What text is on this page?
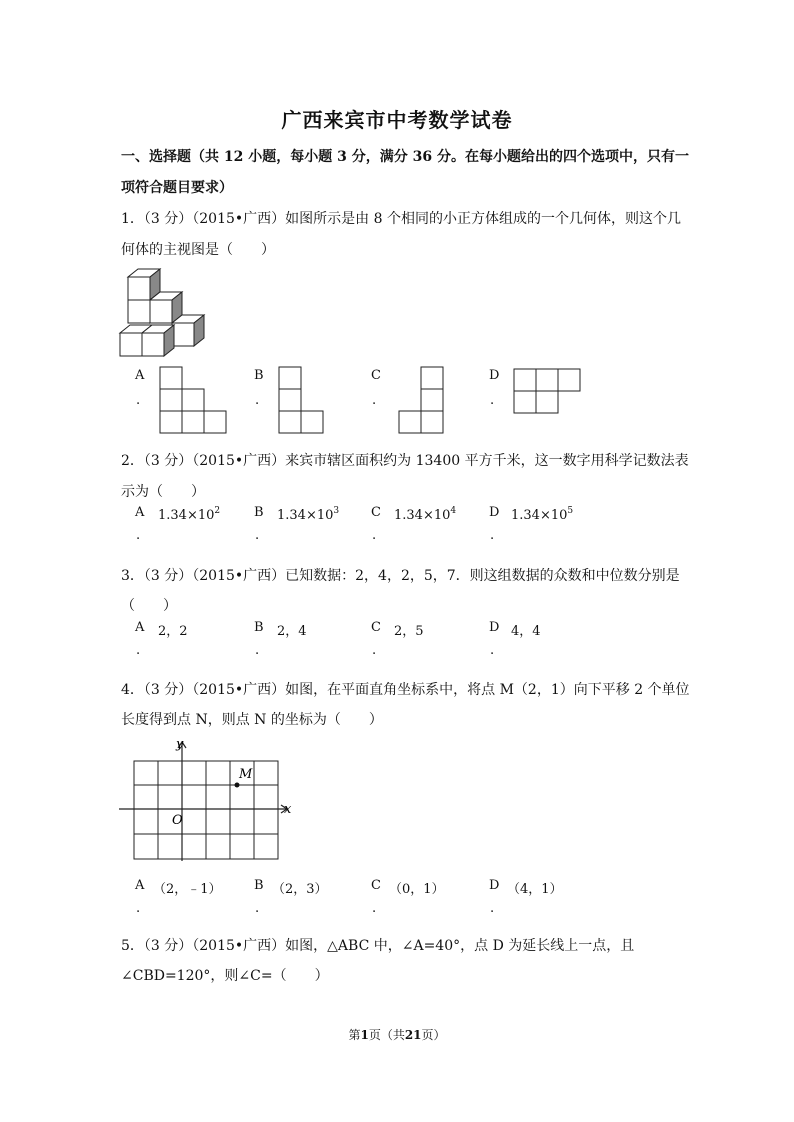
广西来宾市中考数学试卷
一、选择题（共 12 小题，每小题 3 分，满分 36 分。在每小题给出的四个选项中，只有一
项符合题目要求）
1．（3 分）（2015•广西）如图所示是由 8 个相同的小正方体组成的一个几何体，则这个几
何体的主视图是（　　）
A
.
B
.
C
.
D
.
2．（3 分）（2015•广西）来宾市辖区面积约为 13400 平方千米，这一数字用科学记数法表
示为（　　）
A $1.34\times 10^2$
.
B $1.34\times 10^3$
.
C $1.34\times 10^4$
.
D $1.34\times 10^5$
.
3．（3 分）（2015•广西）已知数据：2，4，2，5，7．则这组数据的众数和中位数分别是
（　　）
A 2，2
.
B 2，4
.
C 2，5
.
D 4，4
.
4．（3 分）（2015•广西）如图，在平面直角坐标系中，将点 M（2，1）向下平移 2 个单位
长度得到点 N，则点 N 的坐标为（　　）
y
x
O
M
A （2，﹣1）
.
B （2，3）
.
C （0，1）
.
D （4，1）
.
5．（3 分）（2015•广西）如图，△ABC 中，∠A=40°，点 D 为延长线上一点，且
∠CBD=120°，则∠C=（　　）
第1页（共21页）
